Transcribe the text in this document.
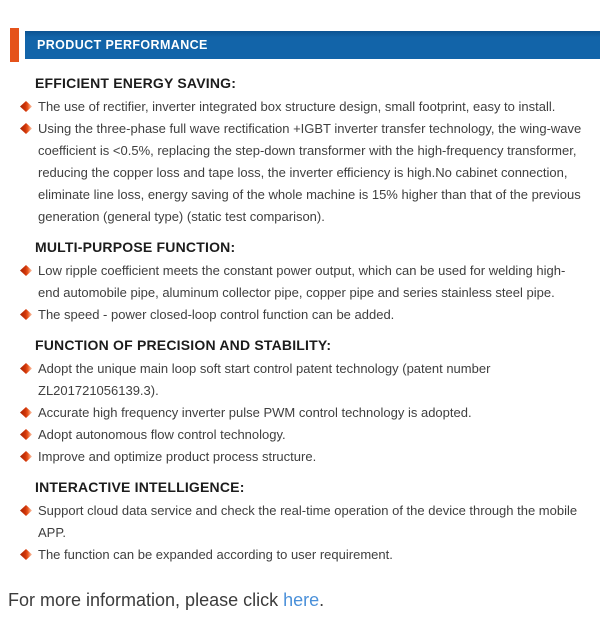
PRODUCT PERFORMANCE
EFFICIENT ENERGY SAVING:
The use of rectifier, inverter integrated box structure design, small footprint, easy to install.
Using the three-phase full wave rectification +IGBT inverter transfer technology, the wing-wave coefficient is <0.5%, replacing the step-down transformer with the high-frequency transformer, reducing the copper loss and tape loss, the inverter efficiency is high.No cabinet connection, eliminate line loss, energy saving of the whole machine is 15% higher than that of the previous generation (general type) (static test comparison).
MULTI-PURPOSE FUNCTION:
Low ripple coefficient meets the constant power output, which can be used for welding high-end automobile pipe, aluminum collector pipe, copper pipe and series stainless steel pipe.
The speed - power closed-loop control function can be added.
FUNCTION OF PRECISION AND STABILITY:
Adopt the unique main loop soft start control patent technology (patent number ZL201721056139.3).
Accurate high frequency inverter pulse PWM control technology is adopted.
Adopt autonomous flow control technology.
Improve and optimize product process structure.
INTERACTIVE INTELLIGENCE:
Support cloud data service and check the real-time operation of the device through the mobile APP.
The function can be expanded according to user requirement.
For more information, please click here.
